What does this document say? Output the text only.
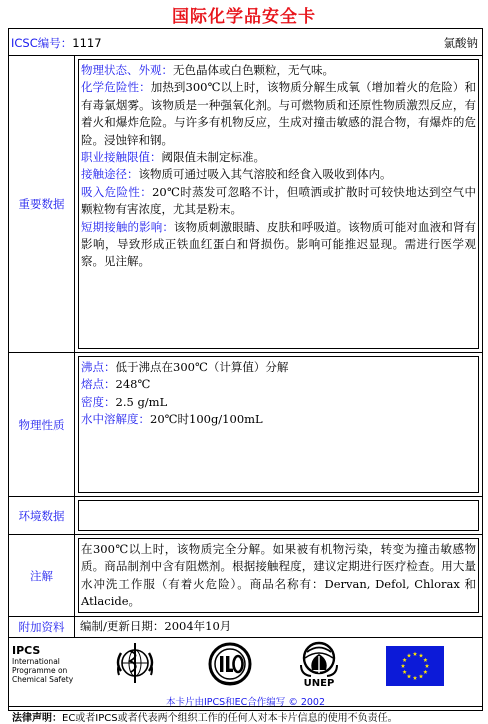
国际化学品安全卡
ICSC编号：1117	氯酸钠
重要数据
物理状态、外观：无色晶体或白色颗粒，无气味。
化学危险性：加热到300℃以上时，该物质分解生成氧（增加着火的危险）和有毒氯烟雾。该物质是一种强氧化剂。与可燃物质和还原性物质激烈反应，有着火和爆炸危险。与许多有机物反应，生成对撞击敏感的混合物，有爆炸的危险。浸蚀锌和钢。
职业接触限值：阈限值未制定标准。
接触途径：该物质可通过吸入其气溶胶和经食入吸收到体内。
吸入危险性：20℃时蒸发可忽略不计，但喷洒或扩散时可较快地达到空气中颗粒物有害浓度，尤其是粉末。
短期接触的影响：该物质刺激眼睛、皮肤和呼吸道。该物质可能对血液和肾有影响，导致形成正铁血红蛋白和肾损伤。影响可能推迟显现。需进行医学观察。见注解。
物理性质
沸点：低于沸点在300℃（计算值）分解
熔点：248℃
密度：2.5 g/mL
水中溶解度：20℃时100g/100mL
环境数据
注解
在300℃以上时，该物质完全分解。如果被有机物污染，转变为撞击敏感物质。商品制剂中含有阻燃剂。根据接触程度，建议定期进行医疗检查。用大量水冲洗工作服（有着火危险）。商品名称有：Dervan, Defol, Chlorax 和 Atlacide。
附加资料	编制/更新日期：2004年10月
IPCS
International
Programme on
Chemical Safety	UNEP
本卡片由IPCS和EC合作编写 © 2002
法律声明：EC或者IPCS或者代表两个组织工作的任何人对本卡片信息的使用不负责任。
